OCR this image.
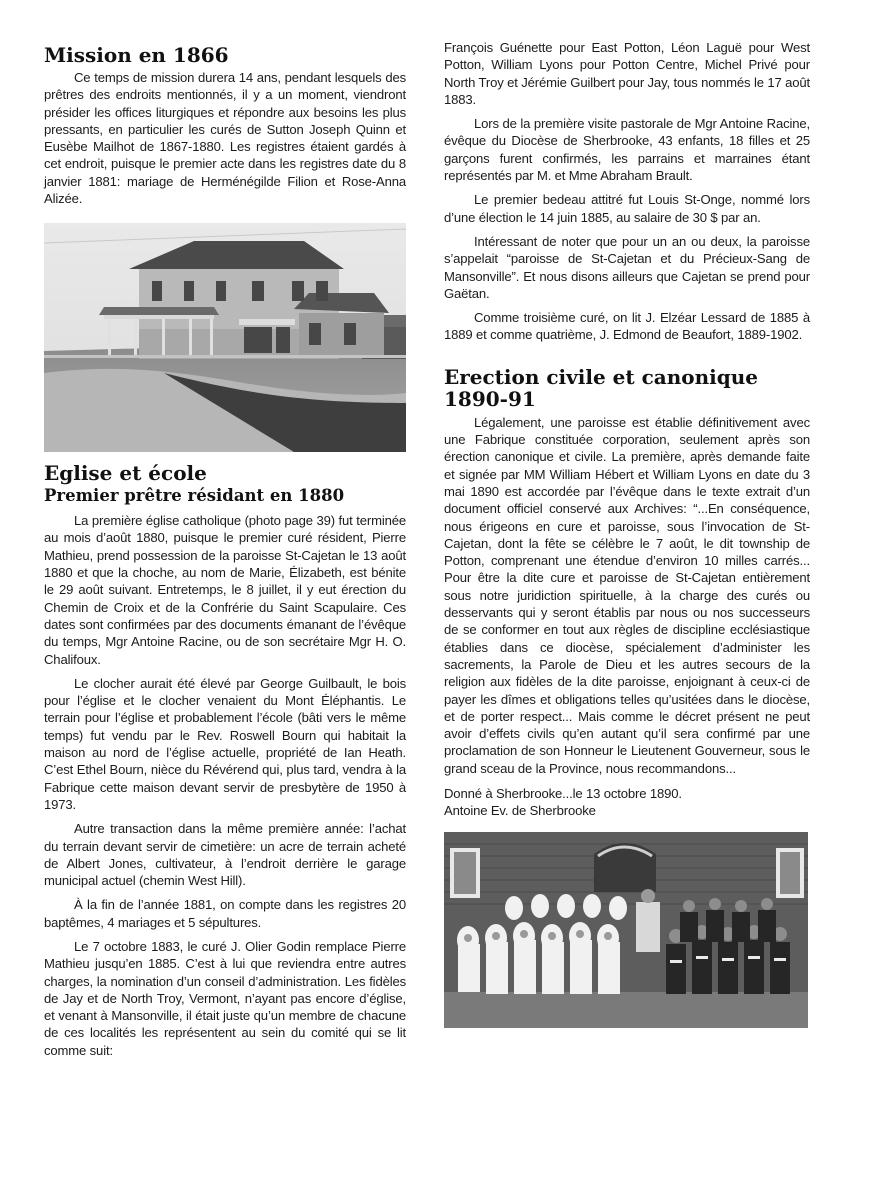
Mission en 1866

Ce temps de mission durera 14 ans, pendant lesquels des prêtres des endroits mentionnés, il y a un moment, viendront présider les offices liturgiques et répondre aux besoins les plus pressants, en particulier les curés de Sutton Joseph Quinn et Eusèbe Mailhot de 1867-1880. Les registres étaient gardés à cet endroit, puisque le premier acte dans les registres date du 8 janvier 1881: mariage de Herménégilde Filion et Rose-Anna Alizée.

Eglise et école
Premier prêtre résidant en 1880

La première église catholique (photo page 39) fut terminée au mois d’août 1880, puisque le premier curé résident, Pierre Mathieu, prend possession de la paroisse St-Cajetan le 13 août 1880 et que la choche, au nom de Marie, Élizabeth, est bénite le 29 août suivant. Entretemps, le 8 juillet, il y eut érection du Chemin de Croix et de la Confrérie du Saint Scapulaire. Ces dates sont confirmées par des documents émanant de l’évêque du temps, Mgr Antoine Racine, ou de son secrétaire Mgr H. O. Chalifoux.

Le clocher aurait été élevé par George Guilbault, le bois pour l’église et le clocher venaient du Mont Éléphantis. Le terrain pour l’église et probablement l’école (bâti vers le même temps) fut vendu par le Rev. Roswell Bourn qui habitait la maison au nord de l’église actuelle, propriété de Ian Heath. C’est Ethel Bourn, nièce du Révérend qui, plus tard, vendra à la Fabrique cette maison devant servir de presbytère de 1950 à 1973.

Autre transaction dans la même première année: l’achat du terrain devant servir de cimetière: un acre de terrain acheté de Albert Jones, cultivateur, à l’endroit derrière le garage municipal actuel (chemin West Hill).

À la fin de l’année 1881, on compte dans les registres 20 baptêmes, 4 mariages et 5 sépultures.

Le 7 octobre 1883, le curé J. Olier Godin remplace Pierre Mathieu jusqu’en 1885. C’est à lui que reviendra entre autres charges, la nomination d’un conseil d’administration. Les fidèles de Jay et de North Troy, Vermont, n’ayant pas encore d’église, et venant à Mansonville, il était juste qu’un membre de chacune de ces localités les représentent au sein du comité qui se lit comme suit:

François Guénette pour East Potton, Léon Laguë pour West Potton, William Lyons pour Potton Centre, Michel Privé pour North Troy et Jérémie Guilbert pour Jay, tous nommés le 17 août 1883.

Lors de la première visite pastorale de Mgr Antoine Racine, évêque du Diocèse de Sherbrooke, 43 enfants, 18 filles et 25 garçons furent confirmés, les parrains et marraines étant représentés par M. et Mme Abraham Brault.

Le premier bedeau attitré fut Louis St-Onge, nommé lors d’une élection le 14 juin 1885, au salaire de 30 $ par an.

Intéressant de noter que pour un an ou deux, la paroisse s’appelait “paroisse de St-Cajetan et du Précieux-Sang de Mansonville”. Et nous disons ailleurs que Cajetan se prend pour Gaëtan.

Comme troisième curé, on lit J. Elzéar Lessard de 1885 à 1889 et comme quatrième, J. Edmond de Beaufort, 1889-1902.

Erection civile et canonique 1890-91

Légalement, une paroisse est établie définitivement avec une Fabrique constituée corporation, seulement après son érection canonique et civile. La première, après demande faite et signée par MM William Hébert et William Lyons en date du 3 mai 1890 est accordée par l’évêque dans le texte extrait d’un document officiel conservé aux Archives: “...En conséquence, nous érigeons en cure et paroisse, sous l’invocation de St-Cajetan, dont la fête se célèbre le 7 août, le dit township de Potton, comprenant une étendue d’environ 10 milles carrés... Pour être la dite cure et paroisse de St-Cajetan entièrement sous notre juridiction spirituelle, à la charge des curés ou desservants qui y seront établis par nous ou nos successeurs de se conformer en tout aux règles de discipline ecclésiastique établies dans ce diocèse, spécialement d’administer les sacrements, la Parole de Dieu et les autres secours de la religion aux fidèles de la dite paroisse, enjoignant à ceux-ci de payer les dîmes et obligations telles qu’usitées dans le diocèse, et de porter respect... Mais comme le décret présent ne peut avoir d’effets civils qu’en autant qu’il sera confirmé par une proclamation de son Honneur le Lieutenent Gouverneur, sous le grand sceau de la Province, nous recommandons...

Donné à Sherbrooke...le 13 octobre 1890.

Antoine Ev. de Sherbrooke
